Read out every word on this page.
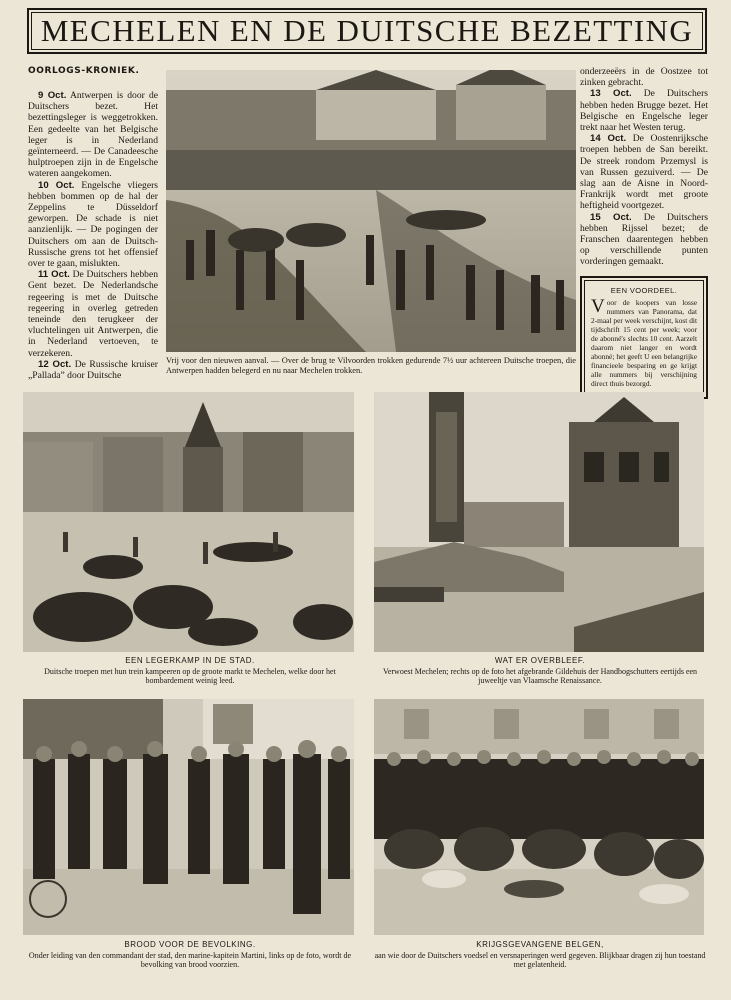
MECHELEN EN DE DUITSCHE BEZETTING
OORLOGS-KRONIEK.
9 Oct. Antwerpen is door de Duitschers bezet. Het bezettingsleger is weggetrokken. Een gedeelte van het Belgische leger is in Nederland geïnterneerd. — De Canadeesche hulptroepen zijn in de Engelsche wateren aangekomen.
10 Oct. Engelsche vliegers hebben bommen op de hal der Zeppelins te Düsseldorf geworpen. De schade is niet aanzienlijk. — De pogingen der Duitschers om aan de Duitsch-Russische grens tot het offensief over te gaan, mislukten.
11 Oct. De Duitschers hebben Gent bezet. De Nederlandsche regeering is met de Duitsche regeering in overleg getreden teneinde den terugkeer der vluchtelingen uit Antwerpen, die in Nederland vertoeven, te verzekeren.
12 Oct. De Russische kruiser „Pallada” door Duitsche
Vrij voor den nieuwen aanval. — Over de brug te Vilvoorden trokken gedurende 7½ uur achtereen Duitsche troepen, die Antwerpen hadden belegerd en nu naar Mechelen trokken.
onderzeeërs in de Oostzee tot zinken gebracht.
13 Oct. De Duitschers hebben heden Brugge bezet. Het Belgische en Engelsche leger trekt naar het Westen terug.
14 Oct. De Oostenrijksche troepen hebben de San bereikt. De streek rondom Przemysl is van Russen gezuiverd. — De slag aan de Aisne in Noord-Frankrijk wordt met groote heftigheid voortgezet.
15 Oct. De Duitschers hebben Rijssel bezet; de Franschen daarentegen hebben op verschillende punten vorderingen gemaakt.
EEN VOORDEEL.
Voor de koopers van losse nummers van Panorama, dat 2-maal per week verschijnt, kost dit tijdschrift 15 cent per week; voor de abonné's slechts 10 cent. Aarzelt daarom niet langer en wordt abonné; het geeft U een belangrijke financieele besparing en ge krijgt alle nummers bij verschijning direct thuis bezorgd.
EEN LEGERKAMP IN DE STAD.
Duitsche troepen met hun trein kampeeren op de groote markt te Mechelen, welke door het bombardement weinig leed.
WAT ER OVERBLEEF.
Verwoest Mechelen; rechts op de foto het afgebrande Gildehuis der Handbogschutters eertijds een juweeltje van Vlaamsche Renaissance.
BROOD VOOR DE BEVOLKING.
Onder leiding van den commandant der stad, den marine-kapitein Martini, links op de foto, wordt de bevolking van brood voorzien.
KRIJGSGEVANGENE BELGEN,
aan wie door de Duitschers voedsel en versnaperingen werd gegeven. Blijkbaar dragen zij hun toestand met gelatenheid.
